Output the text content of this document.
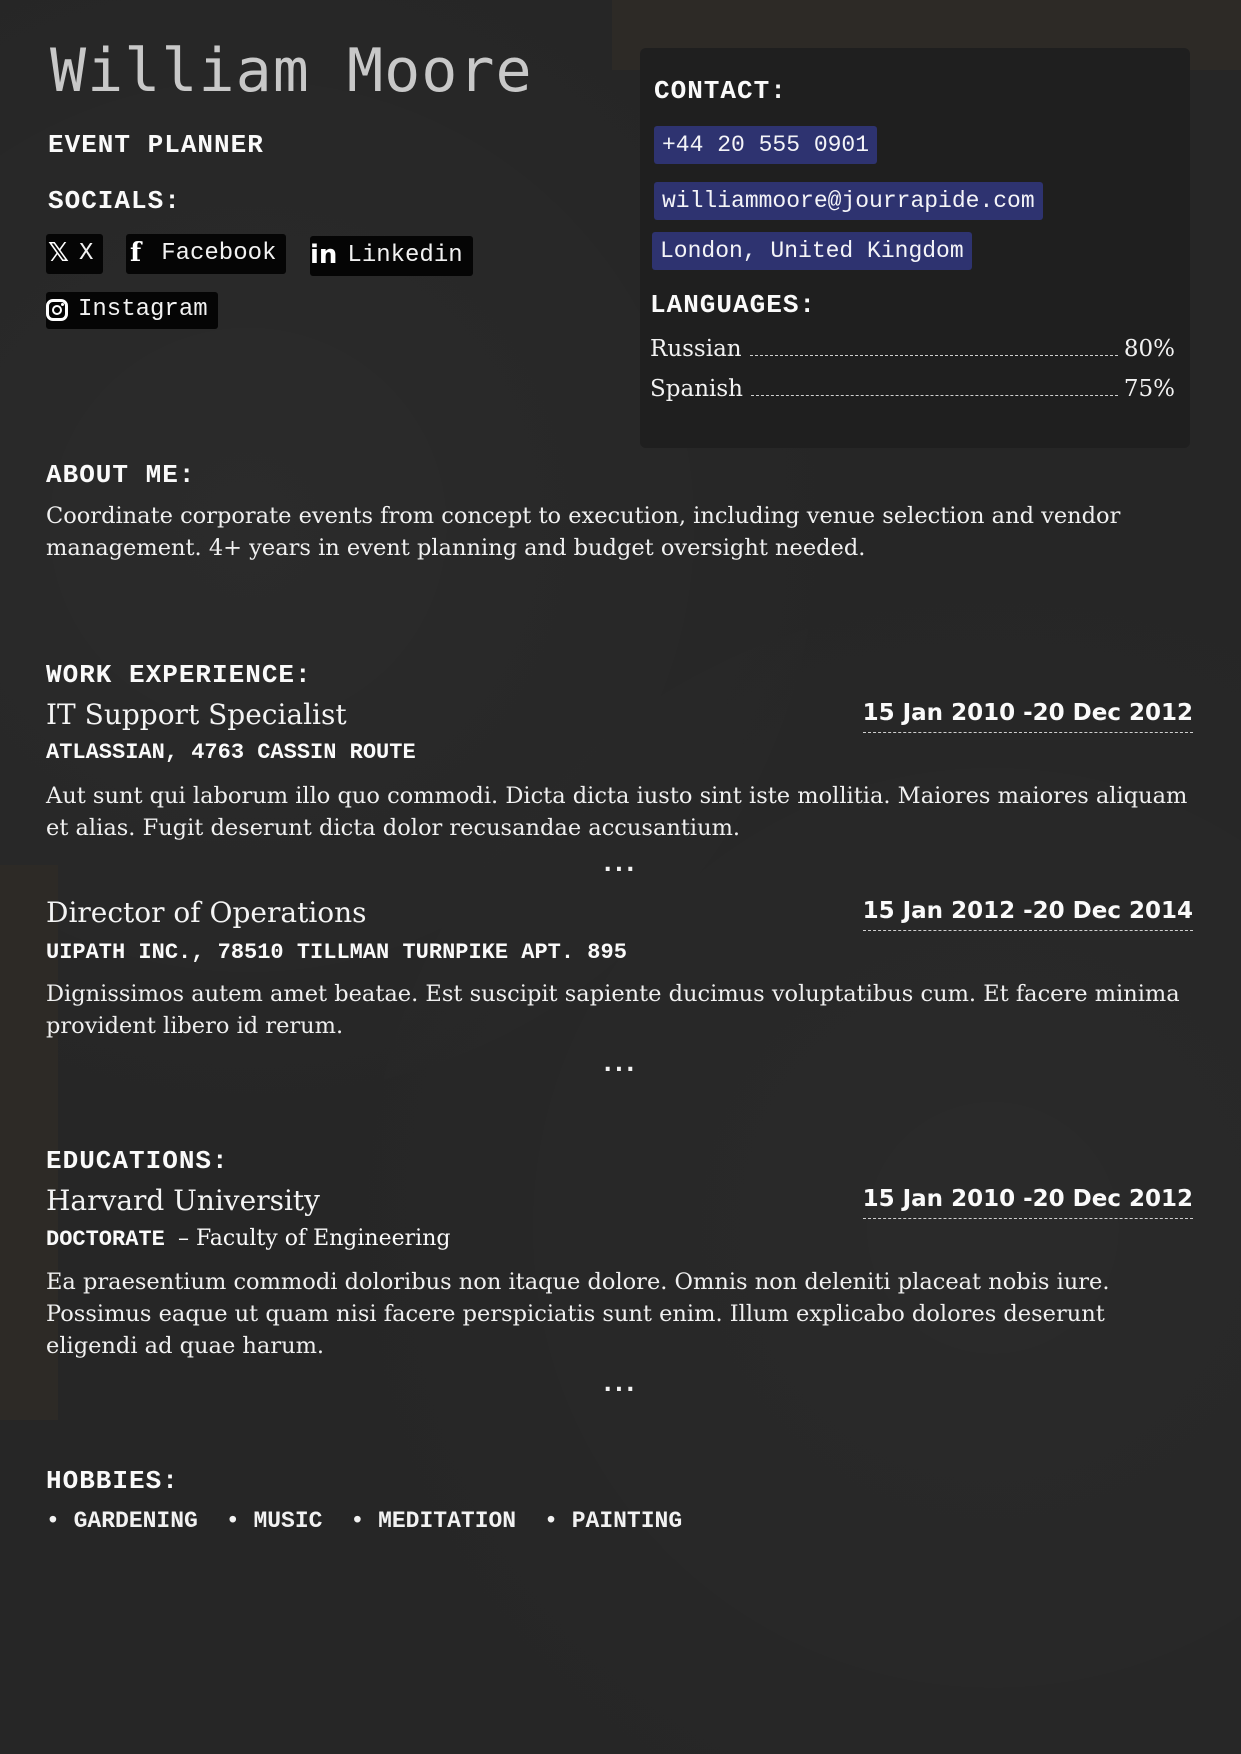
William Moore
EVENT PLANNER
SOCIALS:
𝕏 X f Facebook in Linkedin
Instagram
CONTACT:
+44 20 555 0901
williammoore@jourrapide.com
London, United Kingdom
LANGUAGES:
Russian	80%
Spanish	75%
ABOUT ME:
Coordinate corporate events from concept to execution, including venue selection and vendor management. 4+ years in event planning and budget oversight needed.
WORK EXPERIENCE:
IT Support Specialist	15 Jan 2010 -20 Dec 2012
ATLASSIAN, 4763 CASSIN ROUTE
Aut sunt qui laborum illo quo commodi. Dicta dicta iusto sint iste mollitia. Maiores maiores aliquam et alias. Fugit deserunt dicta dolor recusandae accusantium.
...
Director of Operations	15 Jan 2012 -20 Dec 2014
UIPATH INC., 78510 TILLMAN TURNPIKE APT. 895
Dignissimos autem amet beatae. Est suscipit sapiente ducimus voluptatibus cum. Et facere minima provident libero id rerum.
...
EDUCATIONS:
Harvard University	15 Jan 2010 -20 Dec 2012
DOCTORATE – Faculty of Engineering
Ea praesentium commodi doloribus non itaque dolore. Omnis non deleniti placeat nobis iure. Possimus eaque ut quam nisi facere perspiciatis sunt enim. Illum explicabo dolores deserunt eligendi ad quae harum.
...
HOBBIES:
• GARDENING	• MUSIC	• MEDITATION	• PAINTING
